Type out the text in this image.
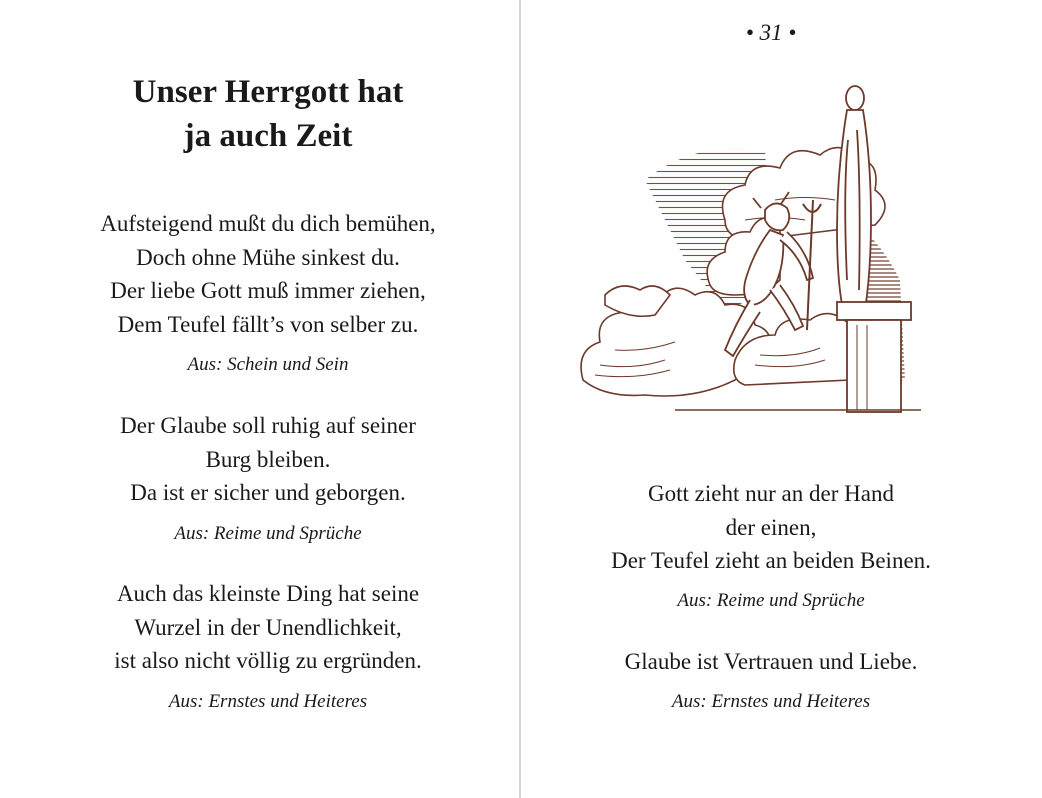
Unser Herrgott hat
ja auch Zeit

Aufsteigend mußt du dich bemühen,
Doch ohne Mühe sinkest du.
Der liebe Gott muß immer ziehen,
Dem Teufel fällt’s von selber zu.

Aus: Schein und Sein

Der Glaube soll ruhig auf seiner
Burg bleiben.
Da ist er sicher und geborgen.

Aus: Reime und Sprüche

Auch das kleinste Ding hat seine
Wurzel in der Unendlichkeit,
ist also nicht völlig zu ergründen.

Aus: Ernstes und Heiteres

• 31 •

Gott zieht nur an der Hand
der einen,
Der Teufel zieht an beiden Beinen.

Aus: Reime und Sprüche

Glaube ist Vertrauen und Liebe.

Aus: Ernstes und Heiteres
